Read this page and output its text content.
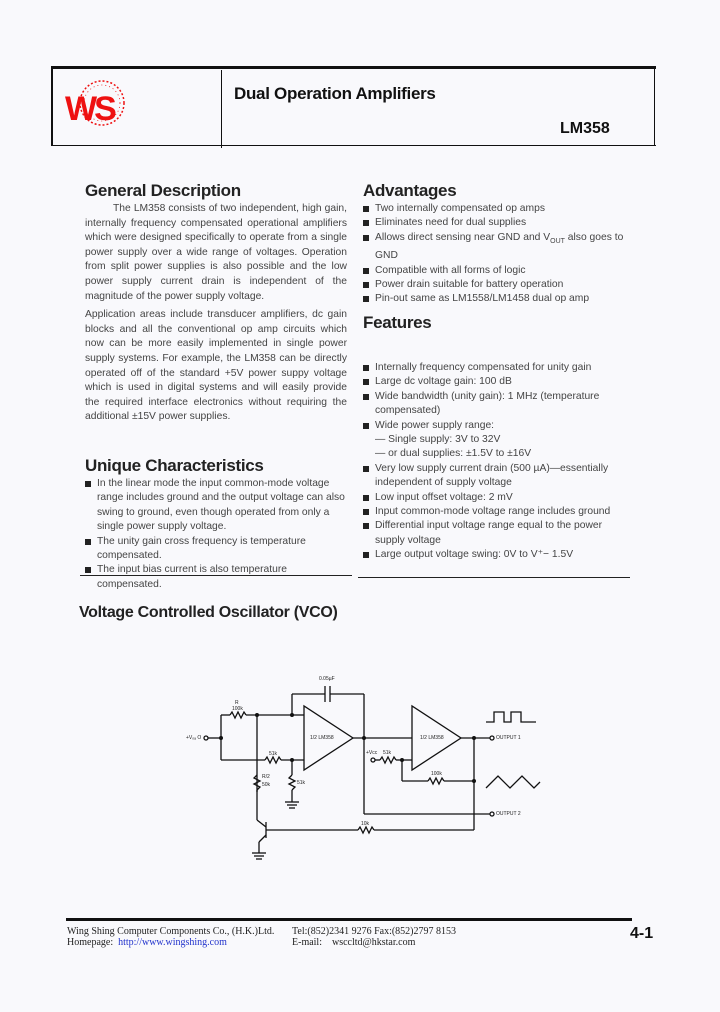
WS	Dual Operation Amplifiers
LM358
General Description

The LM358 consists of two independent, high gain, internally frequency compensated operational amplifiers which were designed specifically to operate from a single power supply over a wide range of voltages. Operation from split power supplies is also possible and the low power supply current drain is independent of the magnitude of the power supply voltage.

Application areas include transducer amplifiers, dc gain blocks and all the conventional op amp circuits which now can be more easily implemented in single power supply systems. For example, the LM358 can be directly operated off of the standard +5V power suppy voltage which is used in digital systems and will easily provide the required interface electronics without requiring the additional ±15V power supplies.

Unique Characteristics
In the linear mode the input common-mode voltage range includes ground and the output voltage can also swing to ground, even though operated from only a single power supply voltage.
The unity gain cross frequency is temperature compensated.
The input bias current is also temperature compensated.
Advantages
Two internally compensated op amps
Eliminates need for dual supplies
Allows direct sensing near GND and $V_{OUT}$ also goes to GND
Compatible with all forms of logic
Power drain suitable for battery operation
Pin-out same as LM1558/LM1458 dual op amp
Features
Internally frequency compensated for unity gain
Large dc voltage gain: 100 dB
Wide bandwidth (unity gain): 1 MHz (temperature compensated)
Wide power supply range:
— Single supply: 3V to 32V
— or dual supplies: ±1.5V to ±16V
Very low supply current drain (500 µA)—essentially independent of supply voltage
Low input offset voltage: 2 mV
Input common-mode voltage range includes ground
Differential input voltage range equal to the power supply voltage
Large output voltage swing: 0V to V⁺− 1.5V
Voltage Controlled Oscillator (VCO)
0.05µF
R
100k
+Vₒₐ O
51k
R/2
50k	51k
1/2 LM358	1/2 LM358
+Vᴄᴄ 51k
100k
10k
OUTPUT 1
OUTPUT 2
Wing Shing Computer Components Co., (H.K.)Ltd.
Homepage: http://www.wingshing.com
Tel:(852)2341 9276 Fax:(852)2797 8153
E-mail: wsccltd@hkstar.com
4-1
